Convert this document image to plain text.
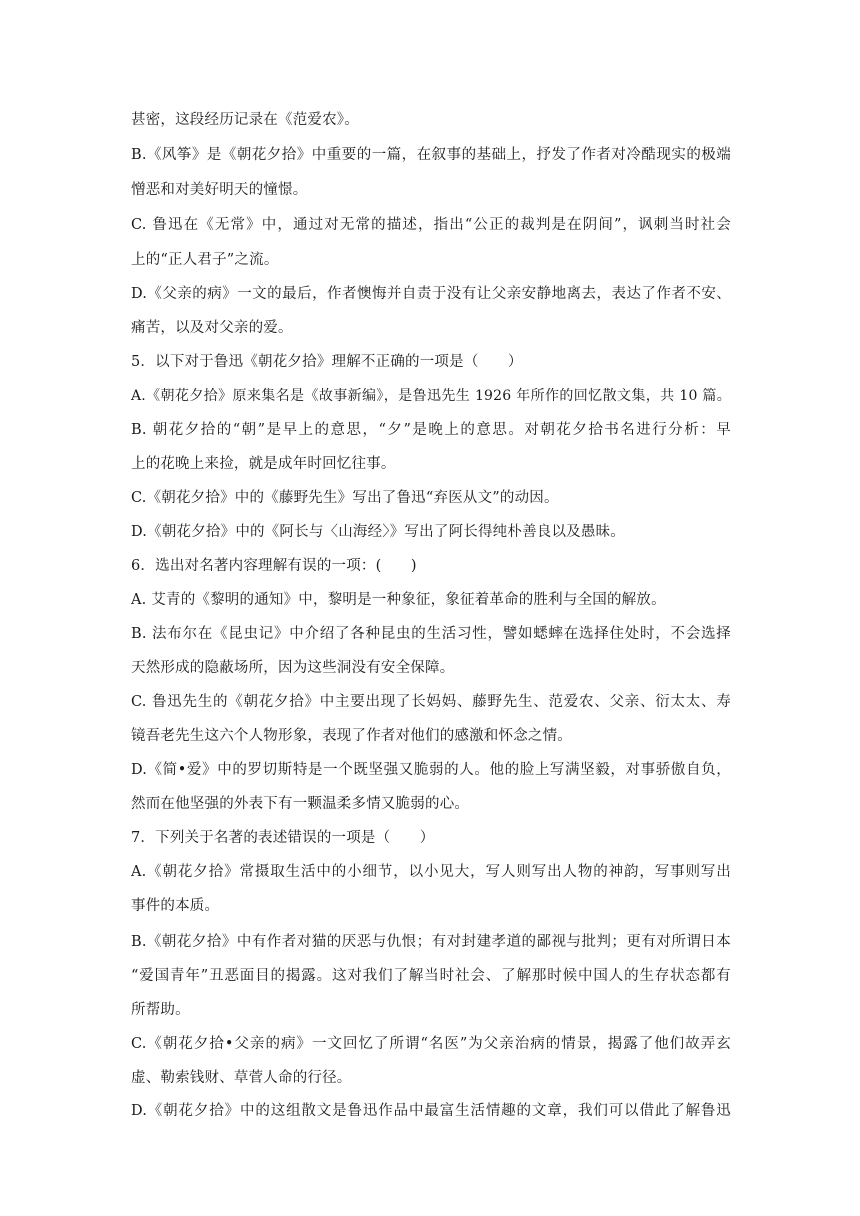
甚密，这段经历记录在《范爱农》。
B.《风筝》是《朝花夕拾》中重要的一篇，在叙事的基础上，抒发了作者对冷酷现实的极端
憎恶和对美好明天的憧憬。
C. 鲁迅在《无常》中，通过对无常的描述，指出“公正的裁判是在阴间”，讽刺当时社会
上的“正人君子”之流。
D.《父亲的病》一文的最后，作者懊悔并自责于没有让父亲安静地离去，表达了作者不安、
痛苦，以及对父亲的爱。
5．以下对于鲁迅《朝花夕拾》理解不正确的一项是（　　）
A.《朝花夕拾》原来集名是《故事新编》，是鲁迅先生 1926 年所作的回忆散文集，共 10 篇。
B. 朝花夕拾的“朝”是早上的意思，“夕”是晚上的意思。对朝花夕拾书名进行分析：早
上的花晚上来捡，就是成年时回忆往事。
C.《朝花夕拾》中的《藤野先生》写出了鲁迅“弃医从文”的动因。
D.《朝花夕拾》中的《阿长与〈山海经〉》写出了阿长得纯朴善良以及愚昧。
6．选出对名著内容理解有误的一项：(　　)
A. 艾青的《黎明的通知》中，黎明是一种象征，象征着革命的胜利与全国的解放。
B. 法布尔在《昆虫记》中介绍了各种昆虫的生活习性，譬如蟋蟀在选择住处时，不会选择
天然形成的隐蔽场所，因为这些洞没有安全保障。
C. 鲁迅先生的《朝花夕拾》中主要出现了长妈妈、藤野先生、范爱农、父亲、衍太太、寿
镜吾老先生这六个人物形象，表现了作者对他们的感激和怀念之情。
D.《简•爱》中的罗切斯特是一个既坚强又脆弱的人。他的脸上写满坚毅，对事骄傲自负，
然而在他坚强的外表下有一颗温柔多情又脆弱的心。
7．下列关于名著的表述错误的一项是（　　）
A.《朝花夕拾》常摄取生活中的小细节，以小见大，写人则写出人物的神韵，写事则写出
事件的本质。
B.《朝花夕拾》中有作者对猫的厌恶与仇恨；有对封建孝道的鄙视与批判；更有对所谓日本
“爱国青年”丑恶面目的揭露。这对我们了解当时社会、了解那时候中国人的生存状态都有
所帮助。
C.《朝花夕拾•父亲的病》一文回忆了所谓“名医”为父亲治病的情景，揭露了他们故弄玄
虚、勒索钱财、草菅人命的行径。
D.《朝花夕拾》中的这组散文是鲁迅作品中最富生活情趣的文章，我们可以借此了解鲁迅
